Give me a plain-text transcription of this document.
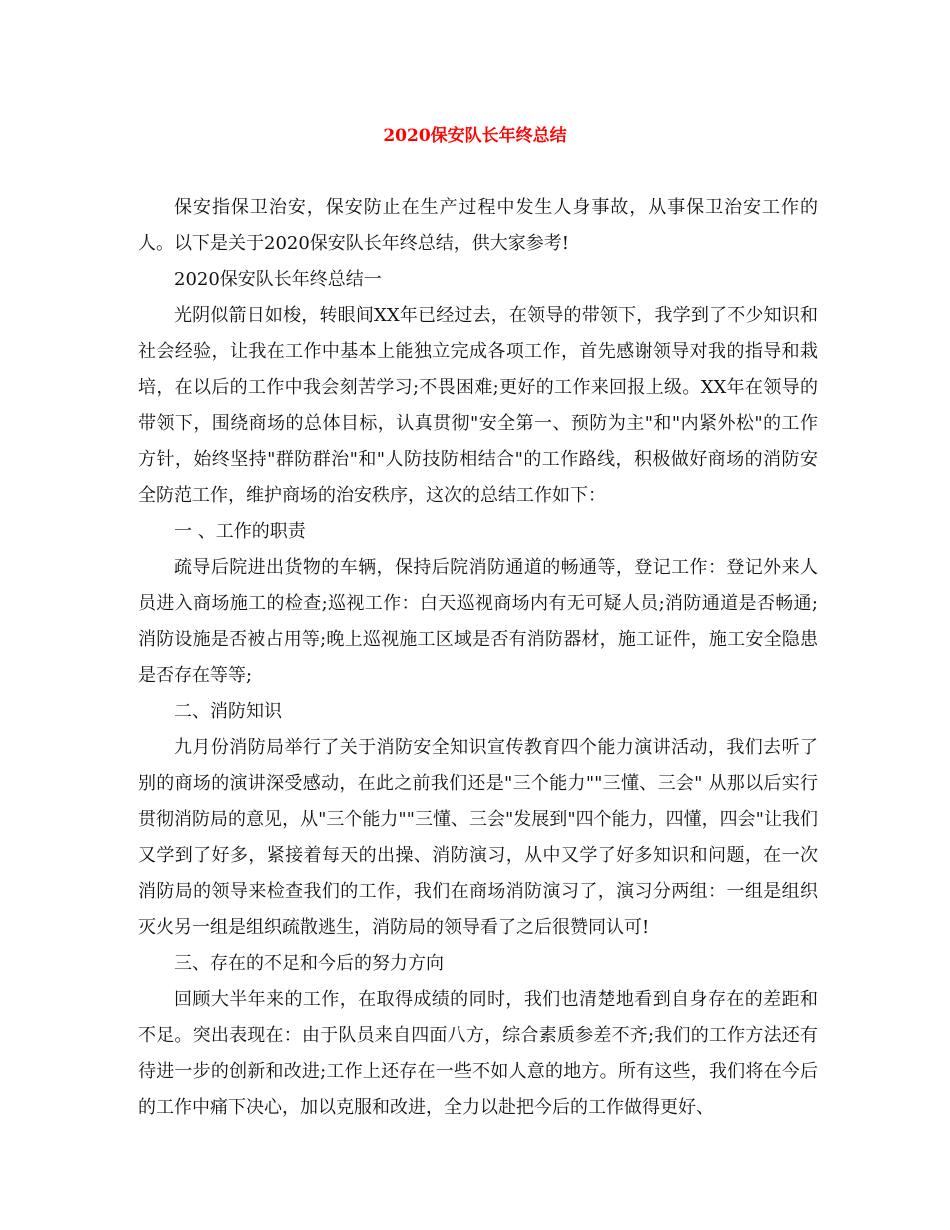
2020保安队长年终总结

保安指保卫治安，保安防止在生产过程中发生人身事故，从事保卫治安工作的人。以下是关于2020保安队长年终总结，供大家参考!

2020保安队长年终总结一

光阴似箭日如梭，转眼间XX年已经过去，在领导的带领下，我学到了不少知识和社会经验，让我在工作中基本上能独立完成各项工作，首先感谢领导对我的指导和栽培，在以后的工作中我会刻苦学习;不畏困难;更好的工作来回报上级。XX年在领导的带领下，围绕商场的总体目标，认真贯彻"安全第一、预防为主"和"内紧外松"的工作方针，始终坚持"群防群治"和"人防技防相结合"的工作路线，积极做好商场的消防安全防范工作，维护商场的治安秩序，这次的总结工作如下：

一 、工作的职责

疏导后院进出货物的车辆，保持后院消防通道的畅通等，登记工作：登记外来人员进入商场施工的检查;巡视工作：白天巡视商场内有无可疑人员;消防通道是否畅通;消防设施是否被占用等;晚上巡视施工区域是否有消防器材，施工证件，施工安全隐患是否存在等等;

二、消防知识

九月份消防局举行了关于消防安全知识宣传教育四个能力演讲活动，我们去听了别的商场的演讲深受感动，在此之前我们还是"三个能力""三懂、三会" 从那以后实行贯彻消防局的意见，从"三个能力""三懂、三会"发展到"四个能力，四懂，四会"让我们又学到了好多，紧接着每天的出操、消防演习，从中又学了好多知识和问题，在一次消防局的领导来检查我们的工作，我们在商场消防演习了，演习分两组：一组是组织灭火另一组是组织疏散逃生，消防局的领导看了之后很赞同认可!

三、存在的不足和今后的努力方向

回顾大半年来的工作，在取得成绩的同时，我们也清楚地看到自身存在的差距和不足。突出表现在：由于队员来自四面八方，综合素质参差不齐;我们的工作方法还有待进一步的创新和改进;工作上还存在一些不如人意的地方。所有这些，我们将在今后的工作中痛下决心，加以克服和改进，全力以赴把今后的工作做得更好、
